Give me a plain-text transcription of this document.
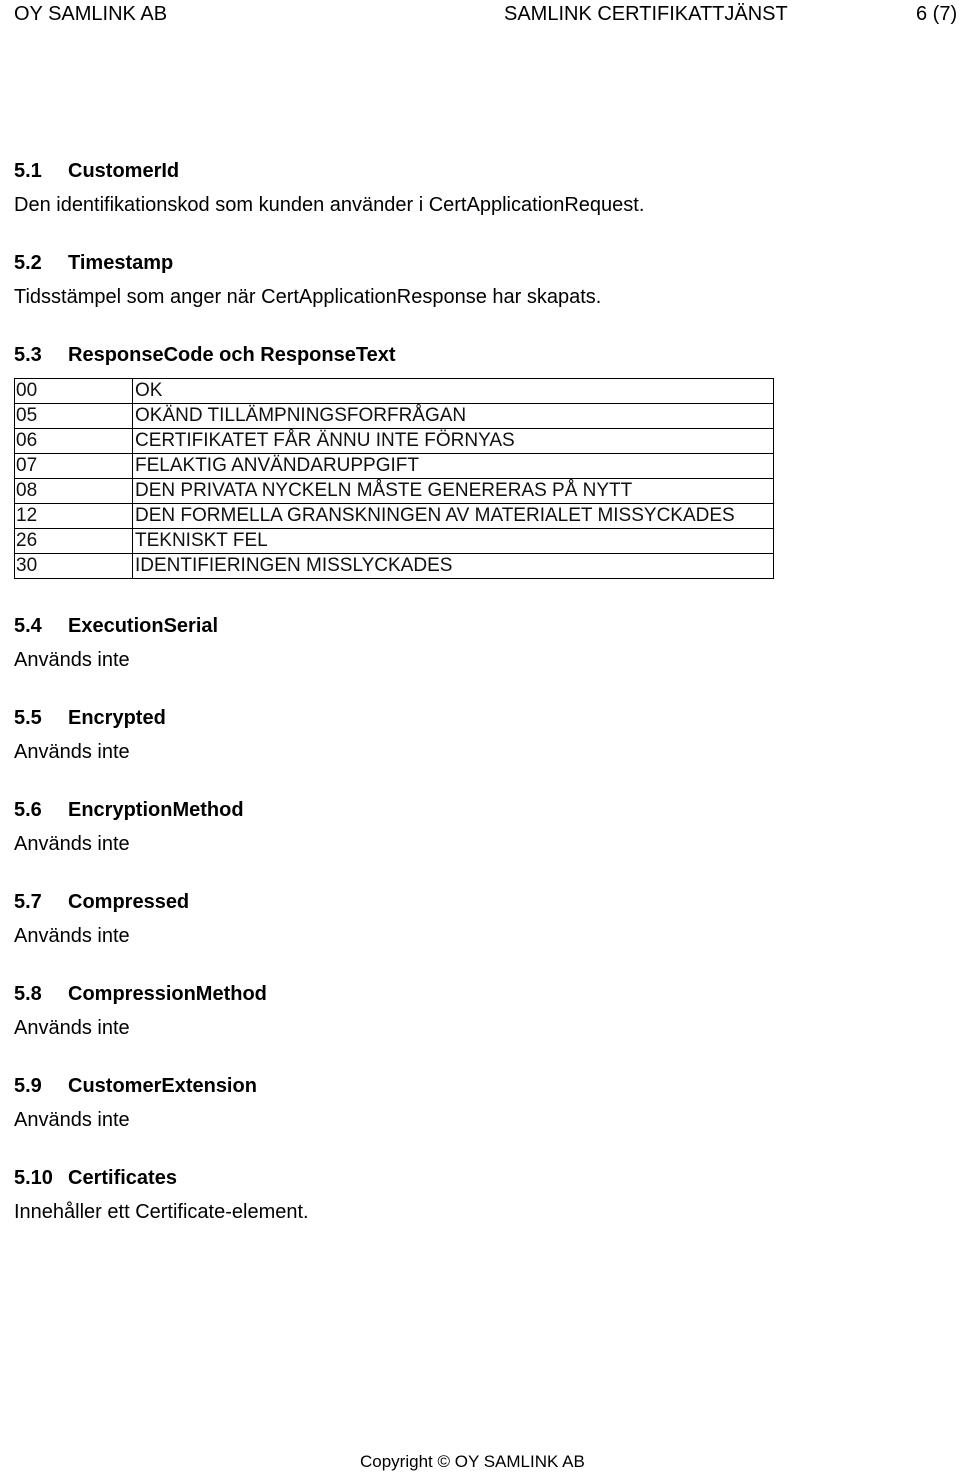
OY SAMLINK AB	SAMLINK CERTIFIKATTJÄNST	6 (7)
5.1 CustomerId
Den identifikationskod som kunden använder i CertApplicationRequest.
5.2 Timestamp
Tidsstämpel som anger när CertApplicationResponse har skapats.
5.3 ResponseCode och ResponseText
00	OK
05	OKÄND TILLÄMPNINGSFORFRÅGAN
06	CERTIFIKATET FÅR ÄNNU INTE FÖRNYAS
07	FELAKTIG ANVÄNDARUPPGIFT
08	DEN PRIVATA NYCKELN MÅSTE GENERERAS PÅ NYTT
12	DEN FORMELLA GRANSKNINGEN AV MATERIALET MISSYCKADES
26	TEKNISKT FEL
30	IDENTIFIERINGEN MISSLYCKADES
5.4 ExecutionSerial
Används inte
5.5 Encrypted
Används inte
5.6 EncryptionMethod
Används inte
5.7 Compressed
Används inte
5.8 CompressionMethod
Används inte
5.9 CustomerExtension
Används inte
5.10 Certificates
Innehåller ett Certificate-element.
Copyright © OY SAMLINK AB
